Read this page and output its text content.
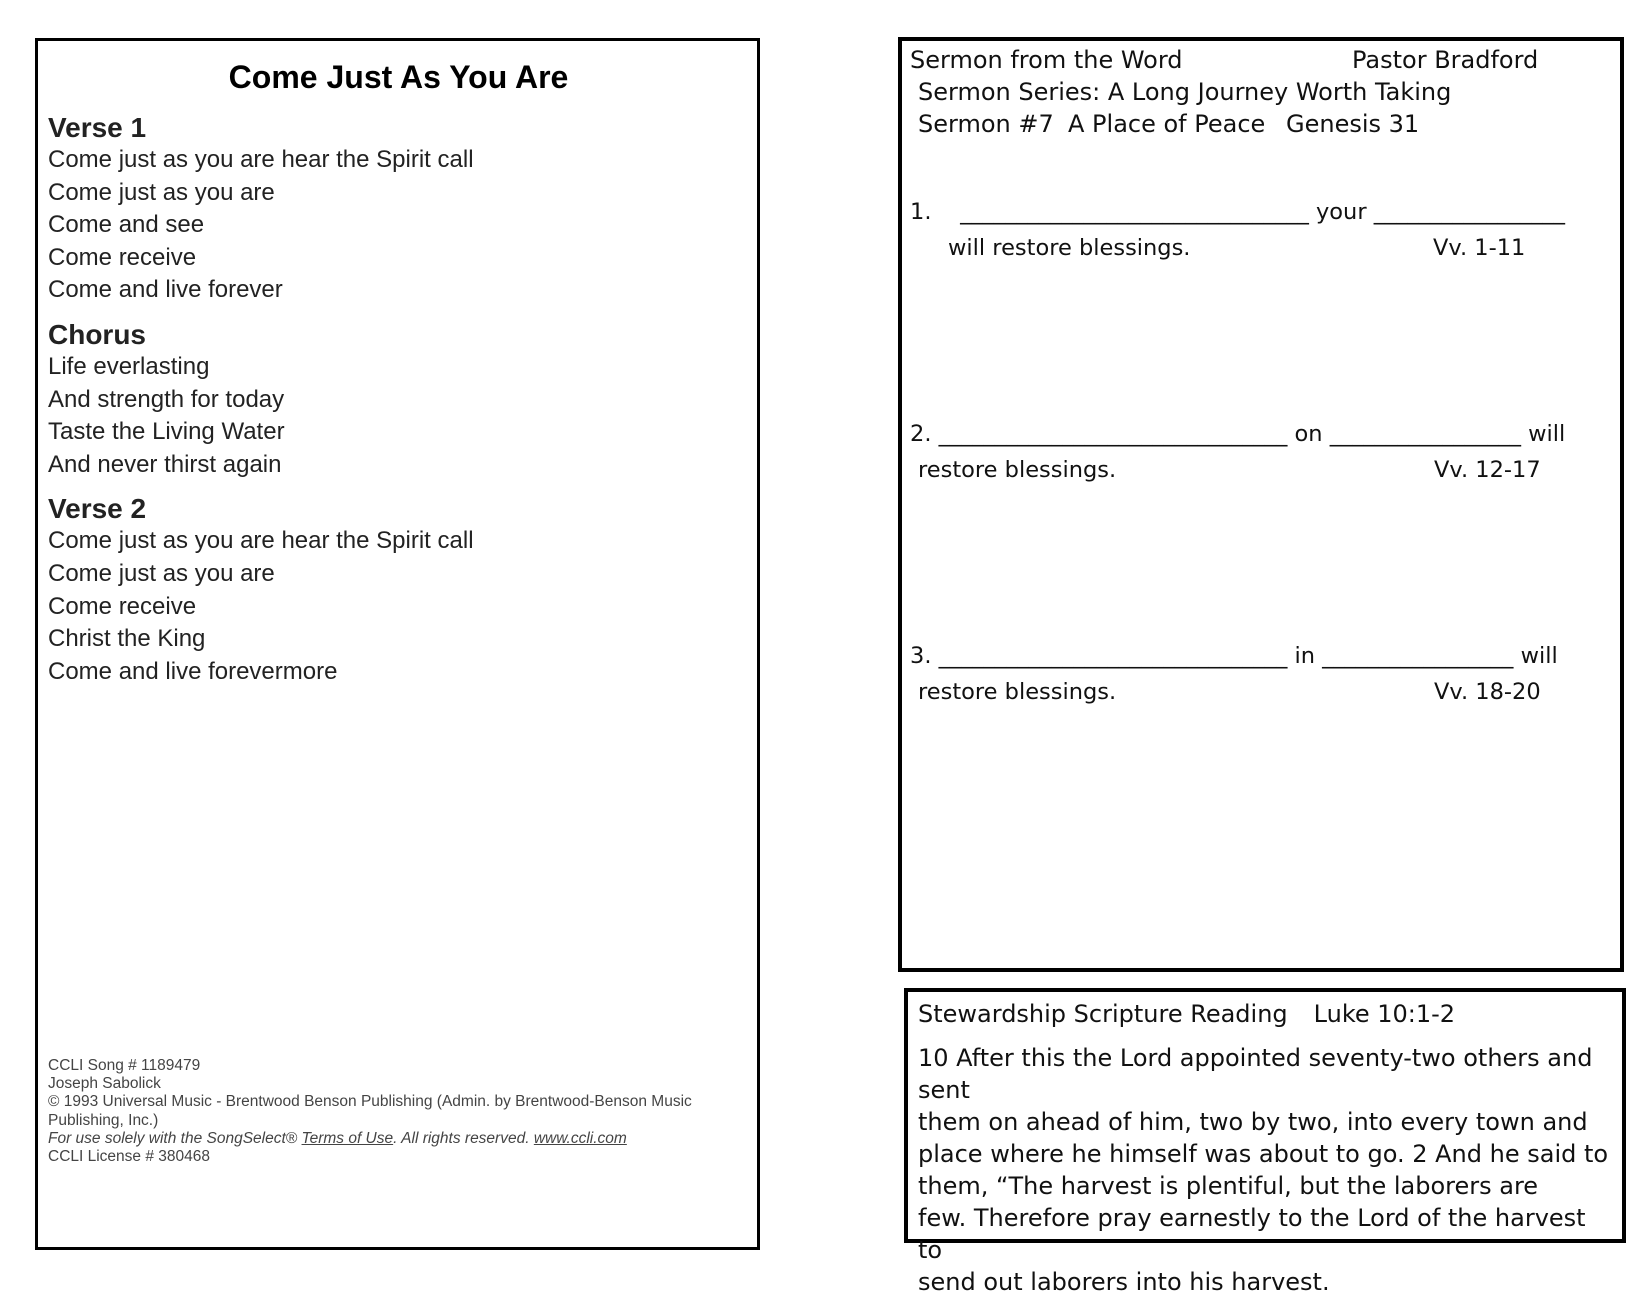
Come Just As You Are
Verse 1
Come just as you are hear the Spirit call
Come just as you are
Come and see
Come receive
Come and live forever
Chorus
Life everlasting
And strength for today
Taste the Living Water
And never thirst again
Verse 2
Come just as you are hear the Spirit call
Come just as you are
Come receive
Christ the King
Come and live forevermore
CCLI Song # 1189479
Joseph Sabolick
© 1993 Universal Music - Brentwood Benson Publishing (Admin. by Brentwood-Benson Music Publishing, Inc.)
For use solely with the SongSelect® Terms of Use. All rights reserved. www.ccli.com
CCLI License # 380468
Sermon from the Word	Pastor Bradford
Sermon Series: A Long Journey Worth Taking
Sermon #7 A Place of Peace Genesis 31
1.    _______________________________ your _________________
will restore blessings.	Vv. 1-11
2. _______________________________ on _________________ will
restore blessings.	Vv. 12-17
3. _______________________________ in _________________ will
restore blessings.	Vv. 18-20
Stewardship Scripture Reading Luke 10:1-2
10 After this the Lord appointed seventy-two others and sent
them on ahead of him, two by two, into every town and
place where he himself was about to go. 2 And he said to
them, “The harvest is plentiful, but the laborers are
few. Therefore pray earnestly to the Lord of the harvest to
send out laborers into his harvest.
